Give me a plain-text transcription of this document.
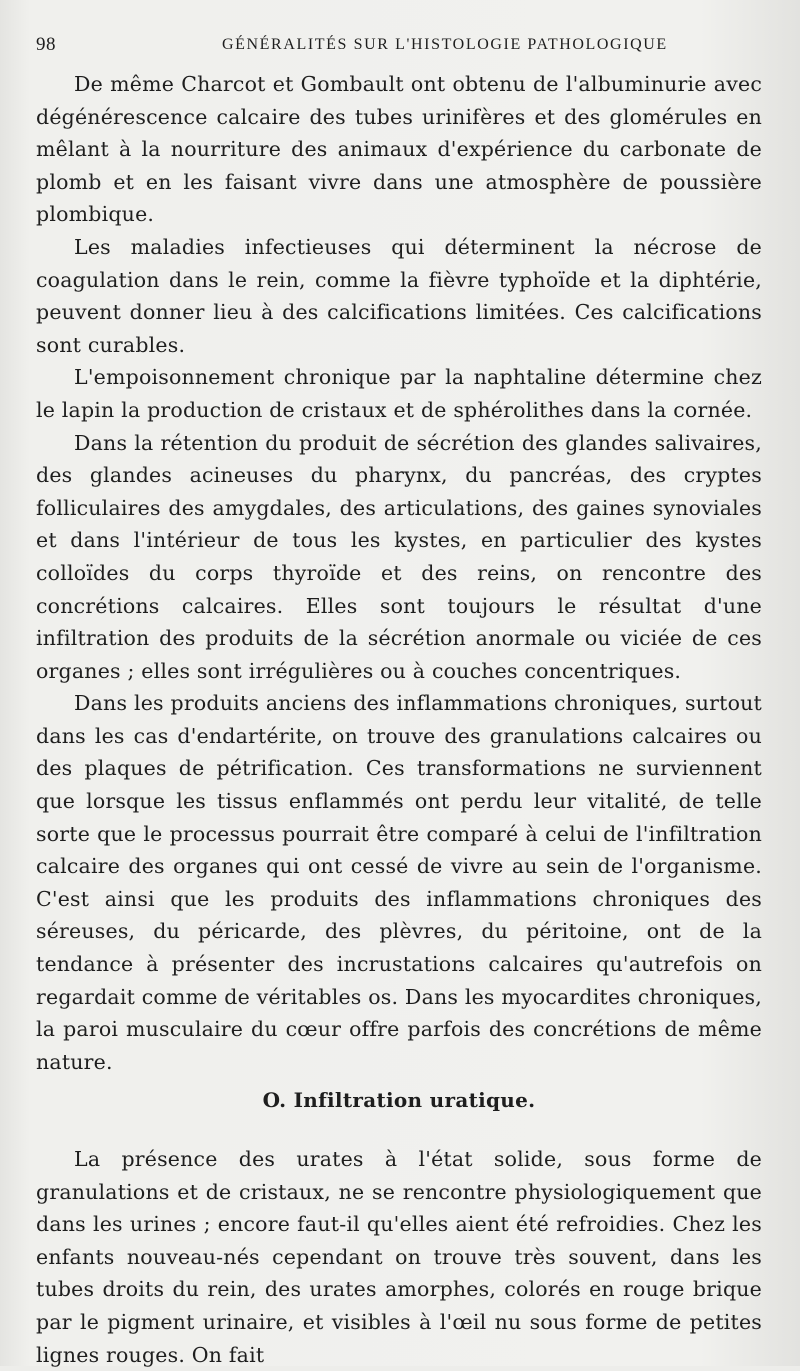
98	GÉNÉRALITÉS SUR L'HISTOLOGIE PATHOLOGIQUE

De même Charcot et Gombault ont obtenu de l'albuminurie avec dégénérescence calcaire des tubes urinifères et des glomérules en mêlant à la nourriture des animaux d'expérience du carbonate de plomb et en les faisant vivre dans une atmosphère de poussière plombique.

Les maladies infectieuses qui déterminent la nécrose de coagulation dans le rein, comme la fièvre typhoïde et la diphtérie, peuvent donner lieu à des calcifications limitées. Ces calcifications sont curables.

L'empoisonnement chronique par la naphtaline détermine chez le lapin la production de cristaux et de sphérolithes dans la cornée.

Dans la rétention du produit de sécrétion des glandes salivaires, des glandes acineuses du pharynx, du pancréas, des cryptes folliculaires des amygdales, des articulations, des gaines synoviales et dans l'intérieur de tous les kystes, en particulier des kystes colloïdes du corps thyroïde et des reins, on rencontre des concrétions calcaires. Elles sont toujours le résultat d'une infiltration des produits de la sécrétion anormale ou viciée de ces organes ; elles sont irrégulières ou à couches concentriques.

Dans les produits anciens des inflammations chroniques, surtout dans les cas d'endartérite, on trouve des granulations calcaires ou des plaques de pétrification. Ces transformations ne surviennent que lorsque les tissus enflammés ont perdu leur vitalité, de telle sorte que le processus pourrait être comparé à celui de l'infiltration calcaire des organes qui ont cessé de vivre au sein de l'organisme. C'est ainsi que les produits des inflammations chroniques des séreuses, du péricarde, des plèvres, du péritoine, ont de la tendance à présenter des incrustations calcaires qu'autrefois on regardait comme de véritables os. Dans les myocardites chroniques, la paroi musculaire du cœur offre parfois des concrétions de même nature.

O. Infiltration uratique.

La présence des urates à l'état solide, sous forme de granulations et de cristaux, ne se rencontre physiologiquement que dans les urines ; encore faut-il qu'elles aient été refroidies. Chez les enfants nouveau-nés cependant on trouve très souvent, dans les tubes droits du rein, des urates amorphes, colorés en rouge brique par le pigment urinaire, et visibles à l'œil nu sous forme de petites lignes rouges. On fait
